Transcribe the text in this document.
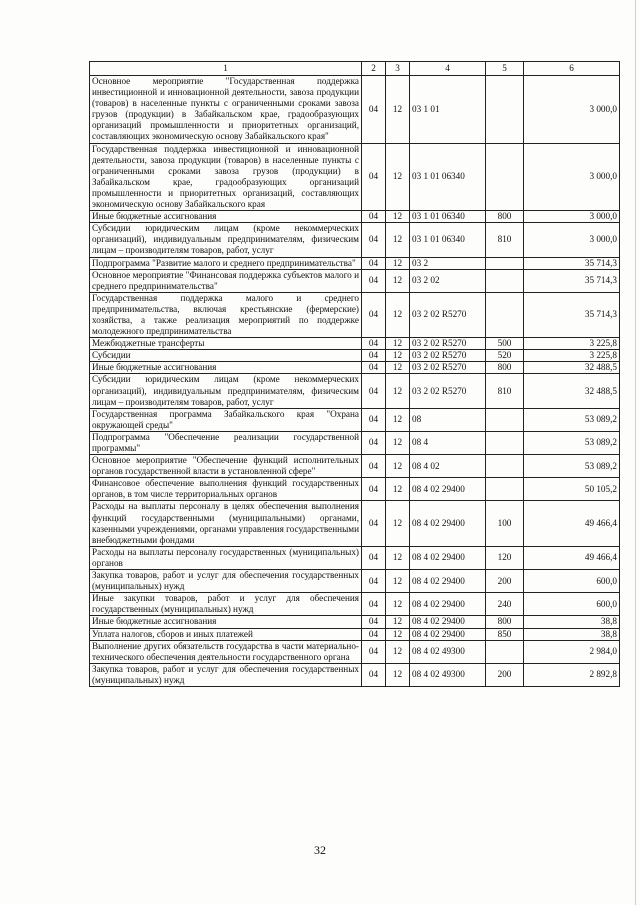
1	2	3	4	5	6
Основное мероприятие "Государственная поддержка инвестиционной и инновационной деятельности, завоза продукции (товаров) в населенные пункты с ограниченными сроками завоза грузов (продукции) в Забайкальском крае, градообразующих организаций промышленности и приоритетных организаций, составляющих экономическую основу Забайкальского края"	04	12	03 1 01		3 000,0
Государственная поддержка инвестиционной и инновационной деятельности, завоза продукции (товаров) в населенные пункты с ограниченными сроками завоза грузов (продукции) в Забайкальском крае, градообразующих организаций промышленности и приоритетных организаций, составляющих экономическую основу Забайкальского края	04	12	03 1 01 06340		3 000,0
Иные бюджетные ассигнования	04	12	03 1 01 06340	800	3 000,0
Субсидии юридическим лицам (кроме некоммерческих организаций), индивидуальным предпринимателям, физическим лицам – производителям товаров, работ, услуг	04	12	03 1 01 06340	810	3 000,0
Подпрограмма "Развитие малого и среднего предпринимательства"	04	12	03 2		35 714,3
Основное мероприятие "Финансовая поддержка субъектов малого и среднего предпринимательства"	04	12	03 2 02		35 714,3
Государственная поддержка малого и среднего предпринимательства, включая крестьянские (фермерские) хозяйства, а также реализация мероприятий по поддержке молодежного предпринимательства	04	12	03 2 02 R5270		35 714,3
Межбюджетные трансферты	04	12	03 2 02 R5270	500	3 225,8
Субсидии	04	12	03 2 02 R5270	520	3 225,8
Иные бюджетные ассигнования	04	12	03 2 02 R5270	800	32 488,5
Субсидии юридическим лицам (кроме некоммерческих организаций), индивидуальным предпринимателям, физическим лицам – производителям товаров, работ, услуг	04	12	03 2 02 R5270	810	32 488,5
Государственная программа Забайкальского края "Охрана окружающей среды"	04	12	08		53 089,2
Подпрограмма "Обеспечение реализации государственной программы"	04	12	08 4		53 089,2
Основное мероприятие "Обеспечение функций исполнительных органов государственной власти в установленной сфере"	04	12	08 4 02		53 089,2
Финансовое обеспечение выполнения функций государственных органов, в том числе территориальных органов	04	12	08 4 02 29400		50 105,2
Расходы на выплаты персоналу в целях обеспечения выполнения функций государственными (муниципальными) органами, казенными учреждениями, органами управления государственными внебюджетными фондами	04	12	08 4 02 29400	100	49 466,4
Расходы на выплаты персоналу государственных (муниципальных) органов	04	12	08 4 02 29400	120	49 466,4
Закупка товаров, работ и услуг для обеспечения государственных (муниципальных) нужд	04	12	08 4 02 29400	200	600,0
Иные закупки товаров, работ и услуг для обеспечения государственных (муниципальных) нужд	04	12	08 4 02 29400	240	600,0
Иные бюджетные ассигнования	04	12	08 4 02 29400	800	38,8
Уплата налогов, сборов и иных платежей	04	12	08 4 02 29400	850	38,8
Выполнение других обязательств государства в части материально-технического обеспечения деятельности государственного органа	04	12	08 4 02 49300		2 984,0
Закупка товаров, работ и услуг для обеспечения государственных (муниципальных) нужд	04	12	08 4 02 49300	200	2 892,8
32
